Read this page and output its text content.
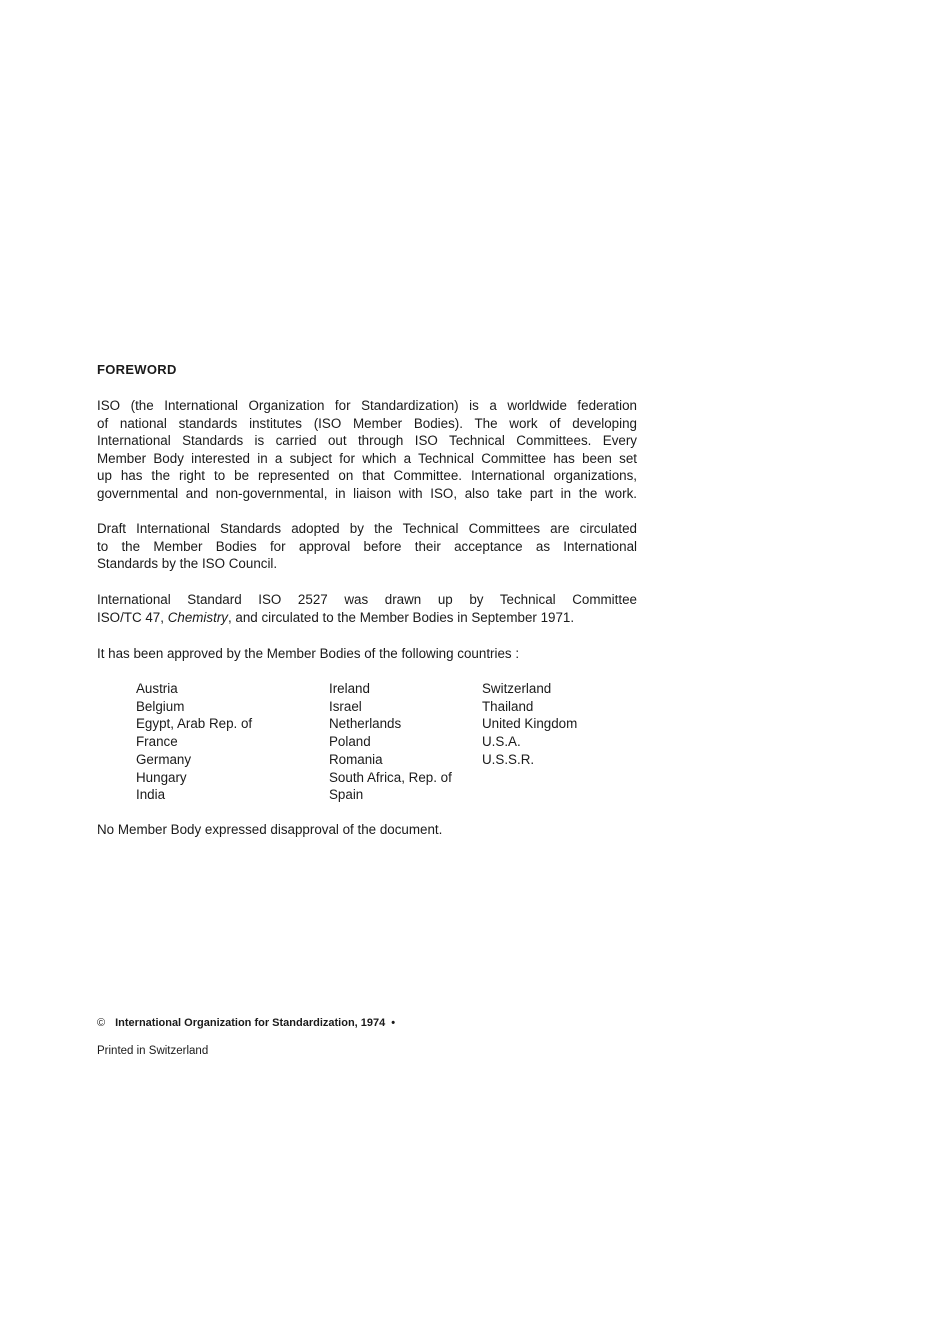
FOREWORD
ISO (the International Organization for Standardization) is a worldwide federation
of national standards institutes (ISO Member Bodies). The work of developing
International Standards is carried out through ISO Technical Committees. Every
Member Body interested in a subject for which a Technical Committee has been set
up has the right to be represented on that Committee. International organizations,
governmental and non-governmental, in liaison with ISO, also take part in the work.
Draft International Standards adopted by the Technical Committees are circulated
to the Member Bodies for approval before their acceptance as International
Standards by the ISO Council.
International Standard ISO 2527 was drawn up by Technical Committee
ISO/TC 47, Chemistry, and circulated to the Member Bodies in September 1971.
It has been approved by the Member Bodies of the following countries :
Austria
Belgium
Egypt, Arab Rep. of
France
Germany
Hungary
India
Ireland
Israel
Netherlands
Poland
Romania
South Africa, Rep. of
Spain
Switzerland
Thailand
United Kingdom
U.S.A.
U.S.S.R.
No Member Body expressed disapproval of the document.
© International Organization for Standardization, 1974 •
Printed in Switzerland
